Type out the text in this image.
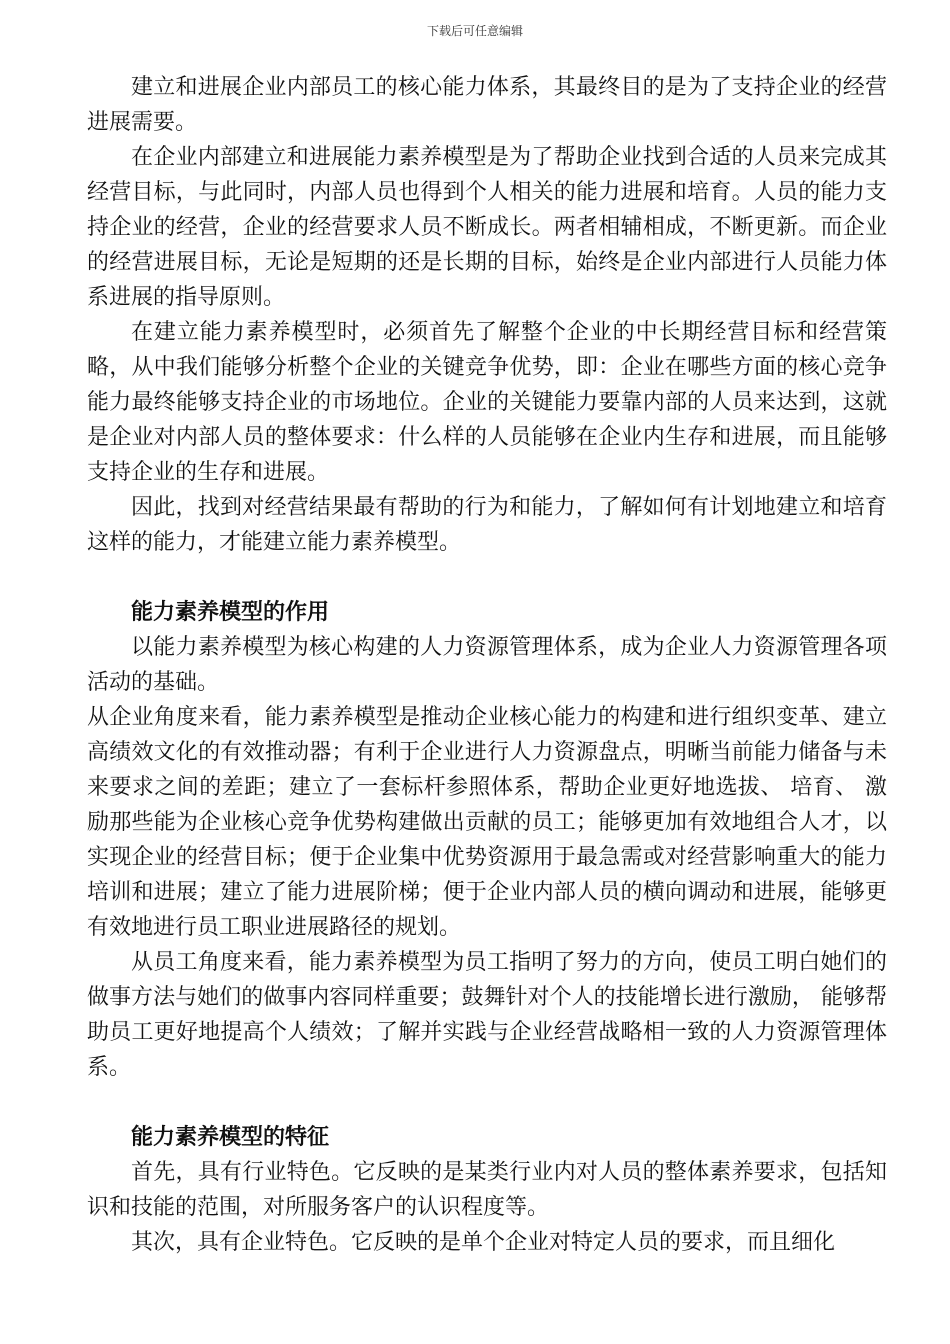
下载后可任意编辑

建立和进展企业内部员工的核心能力体系，其最终目的是为了支持企业的经营进展需要。

在企业内部建立和进展能力素养模型是为了帮助企业找到合适的人员来完成其经营目标，与此同时，内部人员也得到个人相关的能力进展和培育。人员的能力支持企业的经营，企业的经营要求人员不断成长。两者相辅相成，不断更新。而企业的经营进展目标，无论是短期的还是长期的目标，始终是企业内部进行人员能力体系进展的指导原则。

在建立能力素养模型时，必须首先了解整个企业的中长期经营目标和经营策略，从中我们能够分析整个企业的关键竞争优势，即：企业在哪些方面的核心竞争能力最终能够支持企业的市场地位。企业的关键能力要靠内部的人员来达到，这就是企业对内部人员的整体要求：什么样的人员能够在企业内生存和进展，而且能够支持企业的生存和进展。

因此，找到对经营结果最有帮助的行为和能力，了解如何有计划地建立和培育这样的能力，才能建立能力素养模型。

能力素养模型的作用

以能力素养模型为核心构建的人力资源管理体系，成为企业人力资源管理各项活动的基础。

从企业角度来看，能力素养模型是推动企业核心能力的构建和进行组织变革、建立高绩效文化的有效推动器；有利于企业进行人力资源盘点，明晰当前能力储备与未来要求之间的差距；建立了一套标杆参照体系，帮助企业更好地选拔、 培育、 激励那些能为企业核心竞争优势构建做出贡献的员工；能够更加有效地组合人才，以实现企业的经营目标；便于企业集中优势资源用于最急需或对经营影响重大的能力培训和进展；建立了能力进展阶梯；便于企业内部人员的横向调动和进展，能够更有效地进行员工职业进展路径的规划。

从员工角度来看，能力素养模型为员工指明了努力的方向，使员工明白她们的做事方法与她们的做事内容同样重要；鼓舞针对个人的技能增长进行激励， 能够帮助员工更好地提高个人绩效；了解并实践与企业经营战略相一致的人力资源管理体系。

能力素养模型的特征

首先，具有行业特色。它反映的是某类行业内对人员的整体素养要求，包括知识和技能的范围，对所服务客户的认识程度等。

其次，具有企业特色。它反映的是单个企业对特定人员的要求，而且细化
